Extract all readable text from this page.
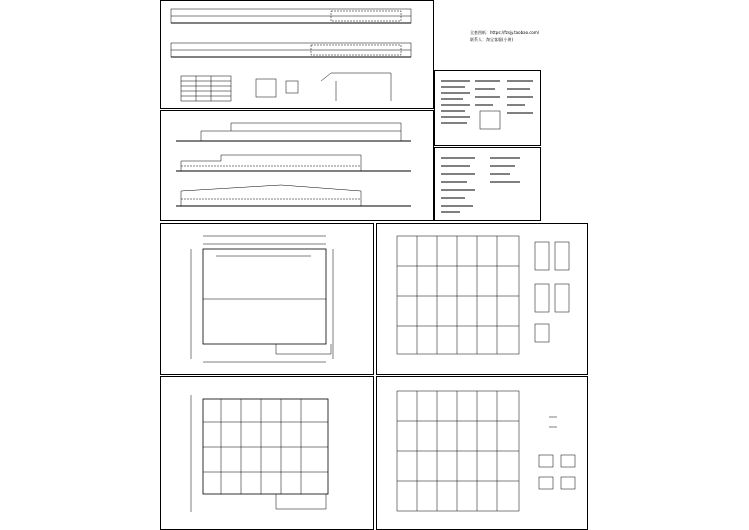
全套图纸：https://fzsjy.taobao.com/
联系人：淘宝客服(小黄)
